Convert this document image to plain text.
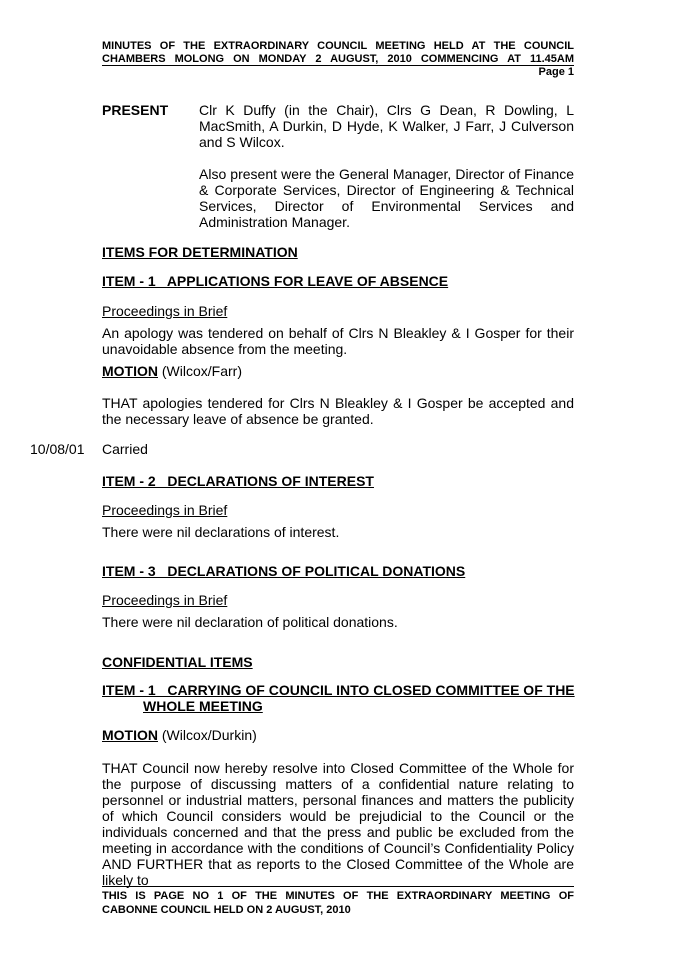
MINUTES OF THE EXTRAORDINARY COUNCIL MEETING HELD AT THE COUNCIL
CHAMBERS MOLONG ON MONDAY 2 AUGUST, 2010 COMMENCING AT 11.45AM
Page 1
PRESENT Clr K Duffy (in the Chair), Clrs G Dean, R Dowling, L MacSmith, A Durkin, D Hyde, K Walker, J Farr, J Culverson and S Wilcox.
Also present were the General Manager, Director of Finance & Corporate Services, Director of Engineering & Technical Services, Director of Environmental Services and Administration Manager.
ITEMS FOR DETERMINATION
ITEM - 1   APPLICATIONS FOR LEAVE OF ABSENCE
Proceedings in Brief
An apology was tendered on behalf of Clrs N Bleakley & I Gosper for their unavoidable absence from the meeting.
MOTION (Wilcox/Farr)
THAT apologies tendered for Clrs N Bleakley & I Gosper be accepted and the necessary leave of absence be granted.
10/08/01 Carried
ITEM - 2   DECLARATIONS OF INTEREST
Proceedings in Brief
There were nil declarations of interest.
ITEM - 3   DECLARATIONS OF POLITICAL DONATIONS
Proceedings in Brief
There were nil declaration of political donations.
CONFIDENTIAL ITEMS
ITEM - 1   CARRYING OF COUNCIL INTO CLOSED COMMITTEE OF THE
WHOLE MEETING
MOTION (Wilcox/Durkin)
THAT Council now hereby resolve into Closed Committee of the Whole for the purpose of discussing matters of a confidential nature relating to personnel or industrial matters, personal finances and matters the publicity of which Council considers would be prejudicial to the Council or the individuals concerned and that the press and public be excluded from the meeting in accordance with the conditions of Council’s Confidentiality Policy AND FURTHER that as reports to the Closed Committee of the Whole are likely to
THIS IS PAGE NO 1 OF THE MINUTES OF THE EXTRAORDINARY MEETING OF
CABONNE COUNCIL HELD ON 2 AUGUST, 2010
